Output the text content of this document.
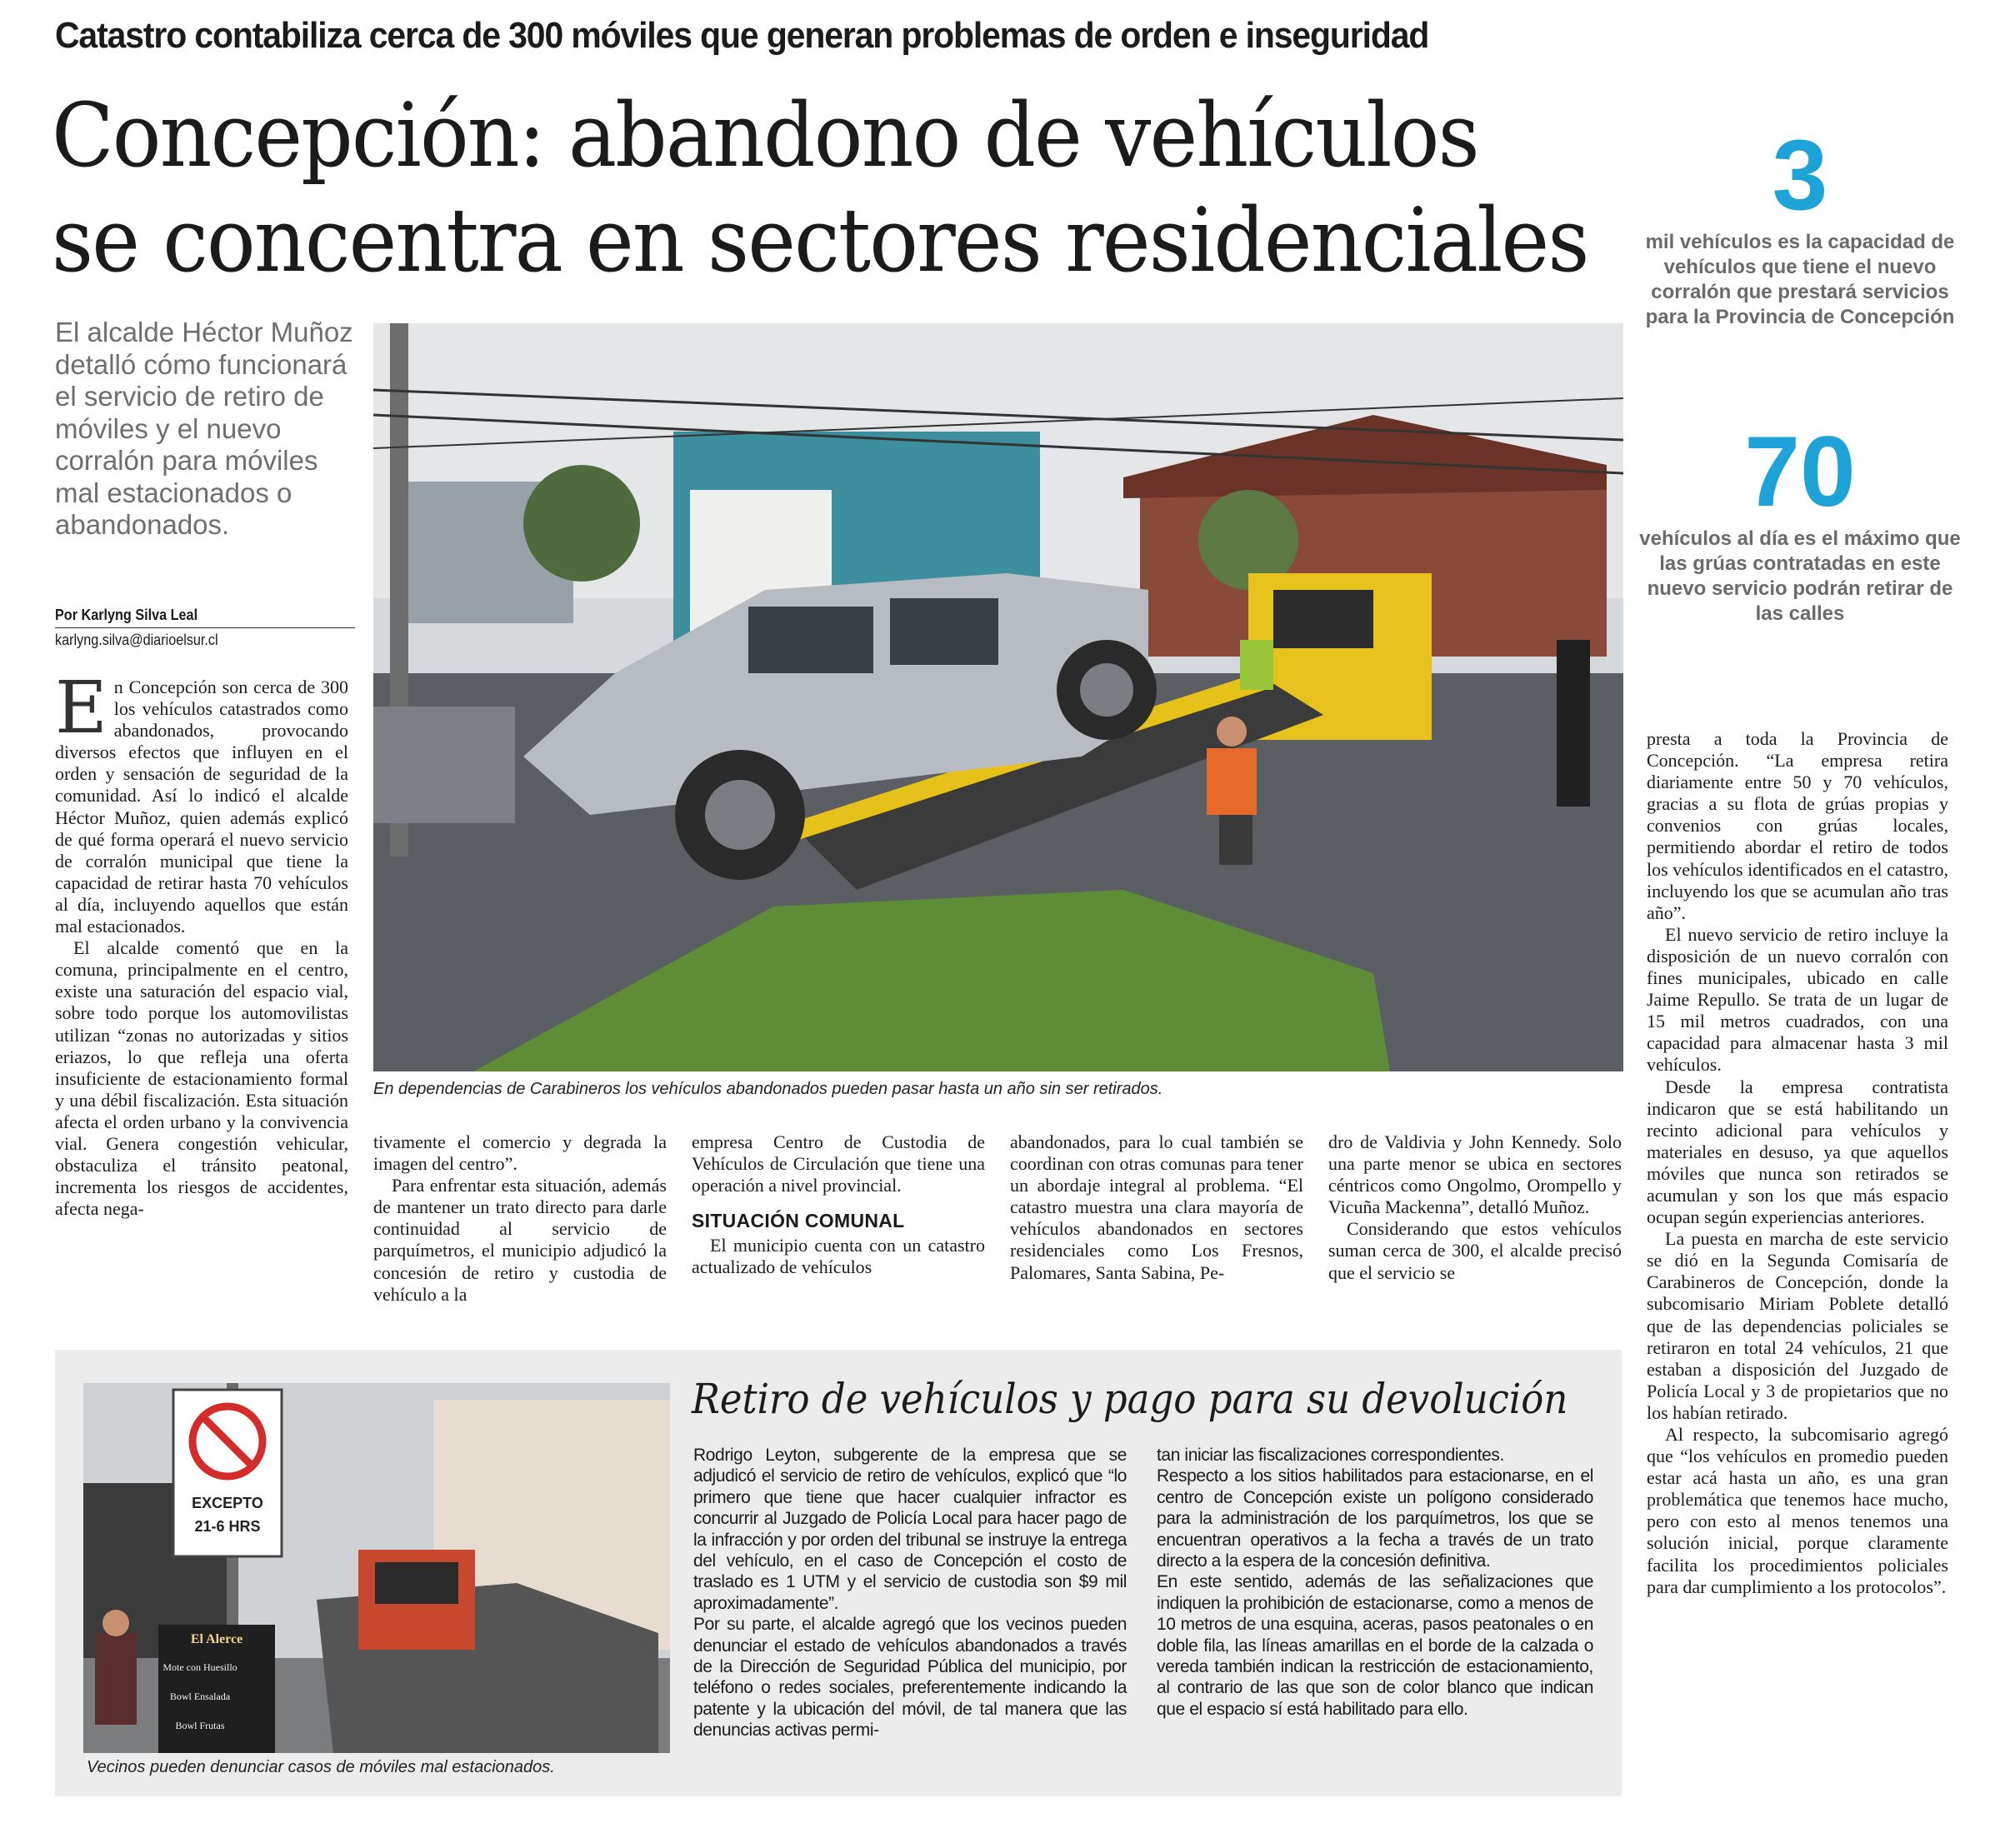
Catastro contabiliza cerca de 300 móviles que generan problemas de orden e inseguridad
Concepción: abandono de vehículos
se concentra en sectores residenciales
El alcalde Héctor Muñoz detalló cómo funcionará el servicio de retiro de móviles y el nuevo corralón para móviles mal estacionados o abandonados.
Por Karlyng Silva Leal
karlyng.silva@diarioelsur.cl
En dependencias de Carabineros los vehículos abandonados pueden pasar hasta un año sin ser retirados.
3
mil vehículos es la capacidad de vehículos que tiene el nuevo corralón que prestará servicios para la Provincia de Concepción
70
vehículos al día es el máximo que las grúas contratadas en este nuevo servicio podrán retirar de las calles

En Concepción son cerca de 300 los vehículos catastrados como abandonados, provocando diversos efectos que influyen en el orden y sensación de seguridad de la comunidad. Así lo indicó el alcalde Héctor Muñoz, quien además explicó de qué forma operará el nuevo servicio de corralón municipal que tiene la capacidad de retirar hasta 70 vehículos al día, incluyendo aquellos que están mal estacionados.

El alcalde comentó que en la comuna, principalmente en el centro, existe una saturación del espacio vial, sobre todo porque los automovilistas utilizan “zonas no autorizadas y sitios eriazos, lo que refleja una oferta insuficiente de estacionamiento formal y una débil fiscalización. Esta situación afecta el orden urbano y la convivencia vial. Genera congestión vehicular, obstaculiza el tránsito peatonal, incrementa los riesgos de accidentes, afecta nega-

tivamente el comercio y degrada la imagen del centro”.

Para enfrentar esta situación, además de mantener un trato directo para darle continuidad al servicio de parquímetros, el municipio adjudicó la concesión de retiro y custodia de vehículo a la

empresa Centro de Custodia de Vehículos de Circulación que tiene una operación a nivel provincial.

SITUACIÓN COMUNAL

El municipio cuenta con un catastro actualizado de vehículos

abandonados, para lo cual también se coordinan con otras comunas para tener un abordaje integral al problema. “El catastro muestra una clara mayoría de vehículos abandonados en sectores residenciales como Los Fresnos, Palomares, Santa Sabina, Pe-

dro de Valdivia y John Kennedy. Solo una parte menor se ubica en sectores céntricos como Ongolmo, Orompello y Vicuña Mackenna”, detalló Muñoz.

Considerando que estos vehículos suman cerca de 300, el alcalde precisó que el servicio se

presta a toda la Provincia de Concepción. “La empresa retira diariamente entre 50 y 70 vehículos, gracias a su flota de grúas propias y convenios con grúas locales, permitiendo abordar el retiro de todos los vehículos identificados en el catastro, incluyendo los que se acumulan año tras año”.

El nuevo servicio de retiro incluye la disposición de un nuevo corralón con fines municipales, ubicado en calle Jaime Repullo. Se trata de un lugar de 15 mil metros cuadrados, con una capacidad para almacenar hasta 3 mil vehículos.

Desde la empresa contratista indicaron que se está habilitando un recinto adicional para vehículos y materiales en desuso, ya que aquellos móviles que nunca son retirados se acumulan y son los que más espacio ocupan según experiencias anteriores.

La puesta en marcha de este servicio se dió en la Segunda Comisaría de Carabineros de Concepción, donde la subcomisario Miriam Poblete detalló que de las dependencias policiales se retiraron en total 24 vehículos, 21 que estaban a disposición del Juzgado de Policía Local y 3 de propietarios que no los habían retirado.

Al respecto, la subcomisario agregó que “los vehículos en promedio pueden estar acá hasta un año, es una gran problemática que tenemos hace mucho, pero con esto al menos tenemos una solución inicial, porque claramente facilita los procedimientos policiales para dar cumplimiento a los protocolos”.

EXCEPTO
21-6 HRS
El Alerce
Mote con Huesillo
Bowl Ensalada
Bowl Frutas
Vecinos pueden denunciar casos de móviles mal estacionados.
Retiro de vehículos y pago para su devolución

Rodrigo Leyton, subgerente de la empresa que se adjudicó el servicio de retiro de vehículos, explicó que “lo primero que tiene que hacer cualquier infractor es concurrir al Juzgado de Policía Local para hacer pago de la infracción y por orden del tribunal se instruye la entrega del vehículo, en el caso de Concepción el costo de traslado es 1 UTM y el servicio de custodia son $9 mil aproximadamente”.

Por su parte, el alcalde agregó que los vecinos pueden denunciar el estado de vehículos abandonados a través de la Dirección de Seguridad Pública del municipio, por teléfono o redes sociales, preferentemente indicando la patente y la ubicación del móvil, de tal manera que las denuncias activas permi-

tan iniciar las fiscalizaciones correspondientes.

Respecto a los sitios habilitados para estacionarse, en el centro de Concepción existe un polígono considerado para la administración de los parquímetros, los que se encuentran operativos a la fecha a través de un trato directo a la espera de la concesión definitiva.

En este sentido, además de las señalizaciones que indiquen la prohibición de estacionarse, como a menos de 10 metros de una esquina, aceras, pasos peatonales o en doble fila, las líneas amarillas en el borde de la calzada o vereda también indican la restricción de estacionamiento, al contrario de las que son de color blanco que indican que el espacio sí está habilitado para ello.
